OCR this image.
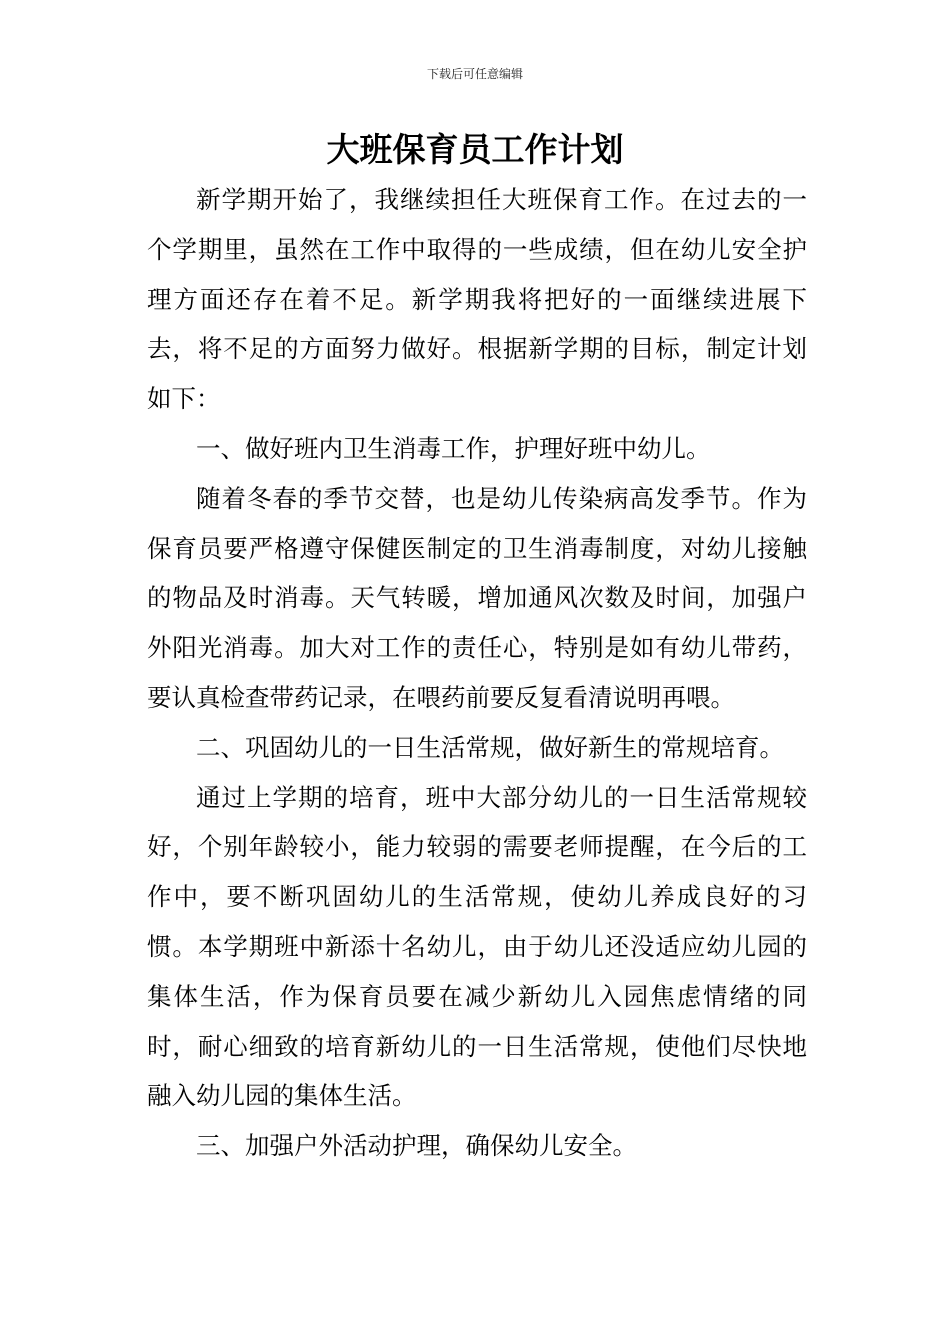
下载后可任意编辑
大班保育员工作计划

新学期开始了，我继续担任大班保育工作。在过去的一个学期里，虽然在工作中取得的一些成绩，但在幼儿安全护理方面还存在着不足。新学期我将把好的一面继续进展下去，将不足的方面努力做好。根据新学期的目标，制定计划如下：

一、做好班内卫生消毒工作，护理好班中幼儿。

随着冬春的季节交替，也是幼儿传染病高发季节。作为保育员要严格遵守保健医制定的卫生消毒制度，对幼儿接触的物品及时消毒。天气转暖，增加通风次数及时间，加强户外阳光消毒。加大对工作的责任心，特别是如有幼儿带药，要认真检查带药记录，在喂药前要反复看清说明再喂。

二、巩固幼儿的一日生活常规，做好新生的常规培育。

通过上学期的培育，班中大部分幼儿的一日生活常规较好，个别年龄较小，能力较弱的需要老师提醒，在今后的工作中，要不断巩固幼儿的生活常规，使幼儿养成良好的习惯。本学期班中新添十名幼儿，由于幼儿还没适应幼儿园的集体生活，作为保育员要在减少新幼儿入园焦虑情绪的同时，耐心细致的培育新幼儿的一日生活常规，使他们尽快地融入幼儿园的集体生活。

三、加强户外活动护理，确保幼儿安全。
